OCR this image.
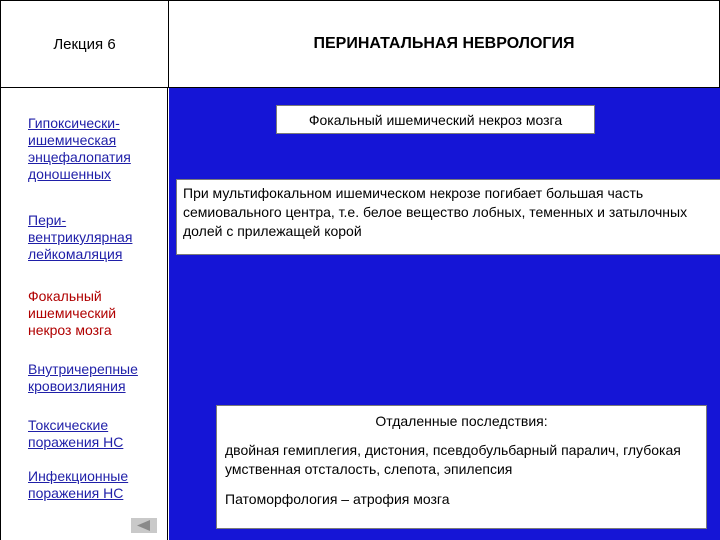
Лекция 6	ПЕРИНАТАЛЬНАЯ НЕВРОЛОГИЯ
Гипоксически-ишемическая энцефалопатия доношенных
Пери-вентрикулярная лейкомаляция
Фокальный ишемический некроз мозга
Внутричерепные кровоизлияния
Токсические поражения НС
Инфекционные поражения НС
Фокальный ишемический некроз мозга
При мультифокальном ишемическом некрозе погибает большая часть семиовального центра, т.е. белое вещество лобных, теменных и затылочных долей с прилежащей корой
Отдаленные последствия:
двойная гемиплегия, дистония, псевдобульбарный паралич, глубокая умственная отсталость, слепота, эпилепсия
Патоморфология – атрофия мозга
